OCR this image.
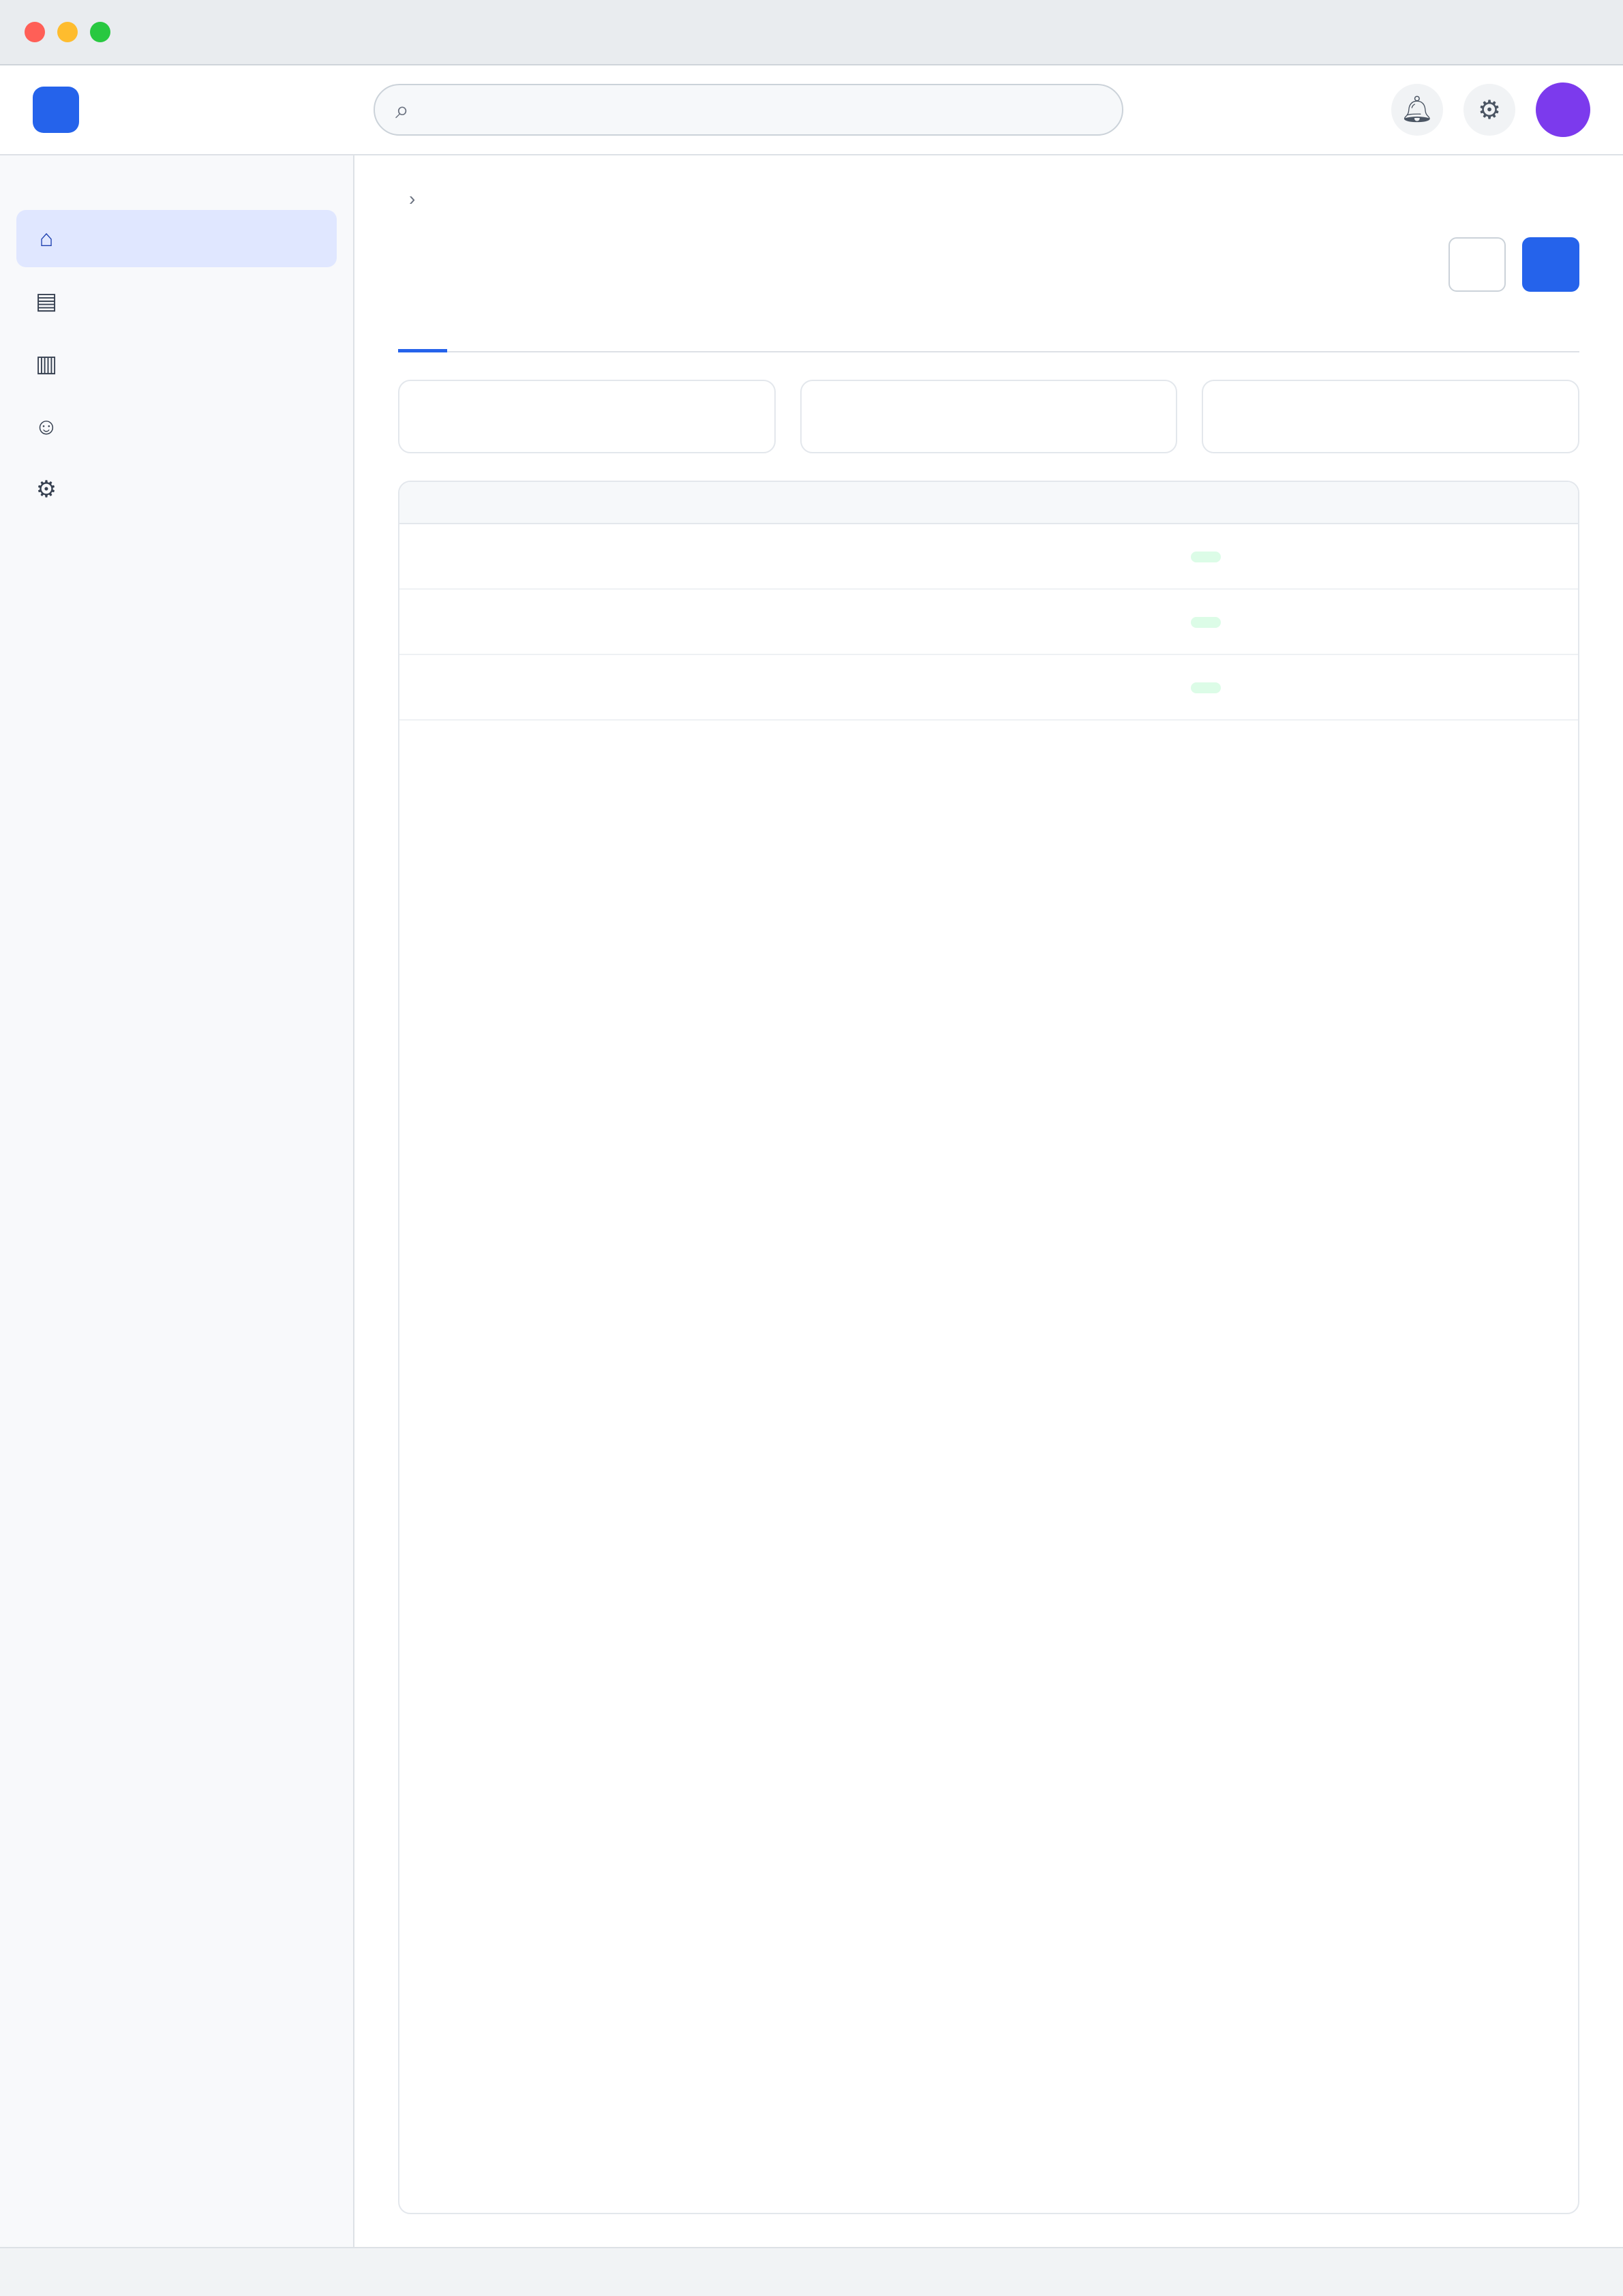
⌕	🔔︎ ⚙
⌂
▤
▥
☺
⚙
›
